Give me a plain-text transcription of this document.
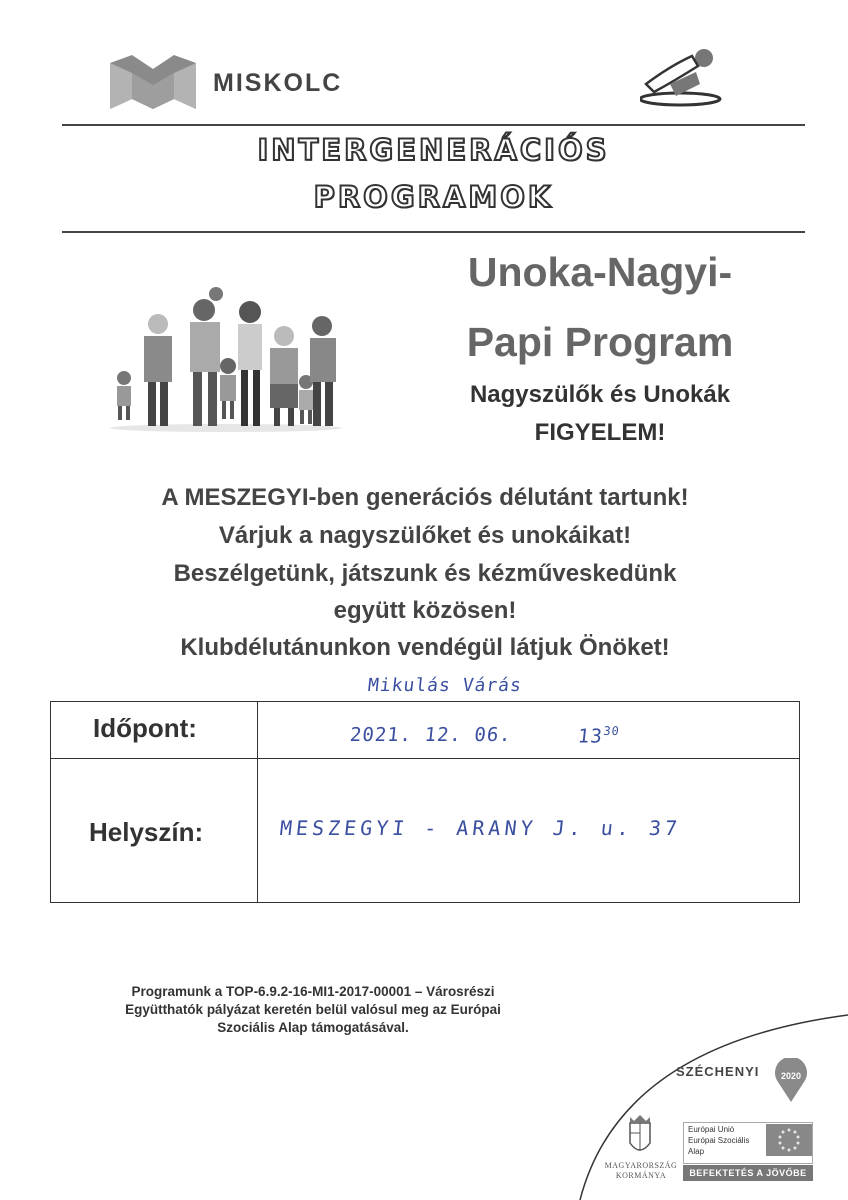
MISKOLC
INTERGENERÁCIÓS
PROGRAMOK
Unoka-Nagyi-
Papi Program
Nagyszülők és Unokák
FIGYELEM!
A MESZEGYI-ben generációs délutánt tartunk!
Várjuk a nagyszülőket és unokáikat!
Beszélgetünk, játszunk és kézműveskedünk
együtt közösen!
Klubdélutánunkon vendégül látjuk Önöket!
Mikulás Várás
Időpont:
Helyszín:
2021. 12. 06.	$13^{30}$
MESZEGYI - ARANY J. u. 37
Programunk a TOP-6.9.2-16-MI1-2017-00001 – Városrészi
Együtthatók pályázat keretén belül valósul meg az Európai
Szociális Alap támogatásával.
SZÉCHENYI 2020
MAGYARORSZÁG
KORMÁNYA
Európai Unió
Európai Szociális
Alap
BEFEKTETÉS A JÖVŐBE
